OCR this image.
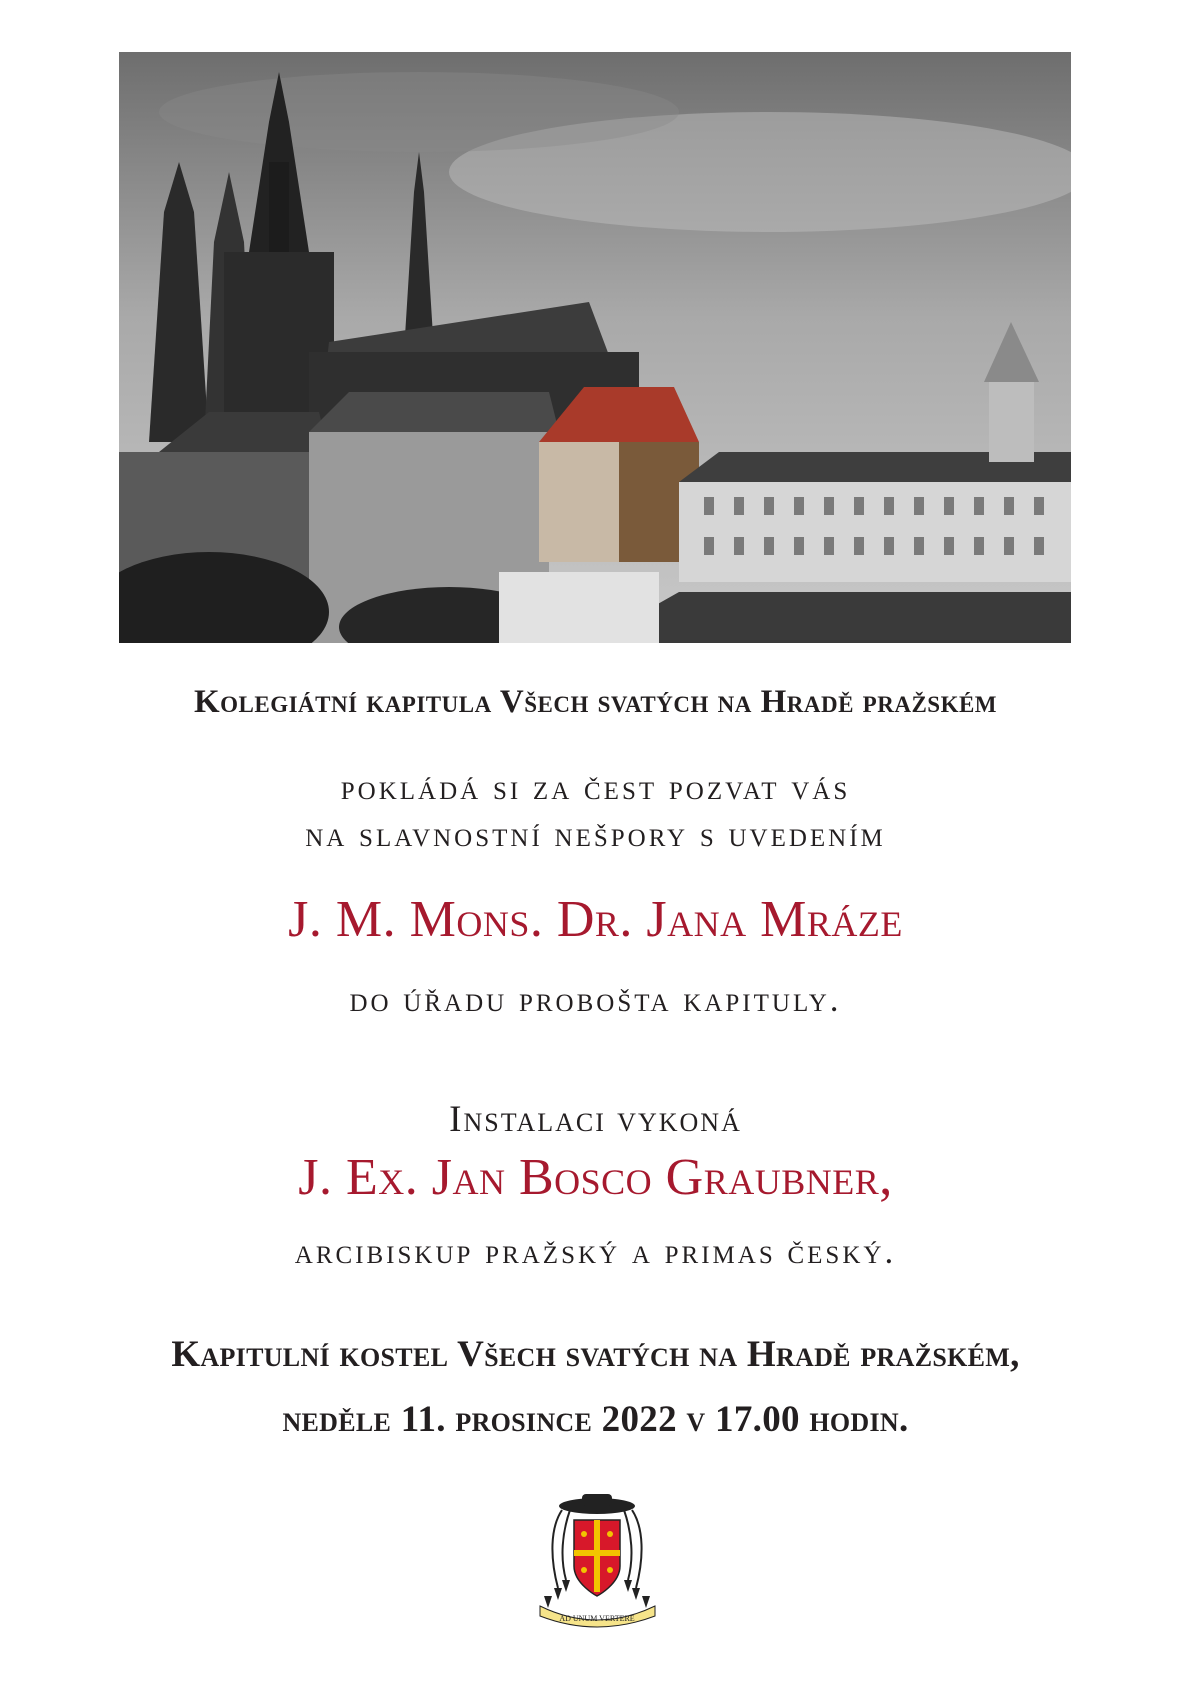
Kolegiátní kapitula Všech svatých na Hradě pražském
pokládá si za čest pozvat vás
na slavnostní nešpory s uvedením
J. M. Mons. Dr. Jana Mráze
do úřadu probošta kapituly.
Instalaci vykoná
J. Ex. Jan Bosco Graubner,
arcibiskup pražský a primas český.
Kapitulní kostel Všech svatých na Hradě pražském,
neděle 11. prosince 2022 v 17.00 hodin.
AD UNUM VERTERE
